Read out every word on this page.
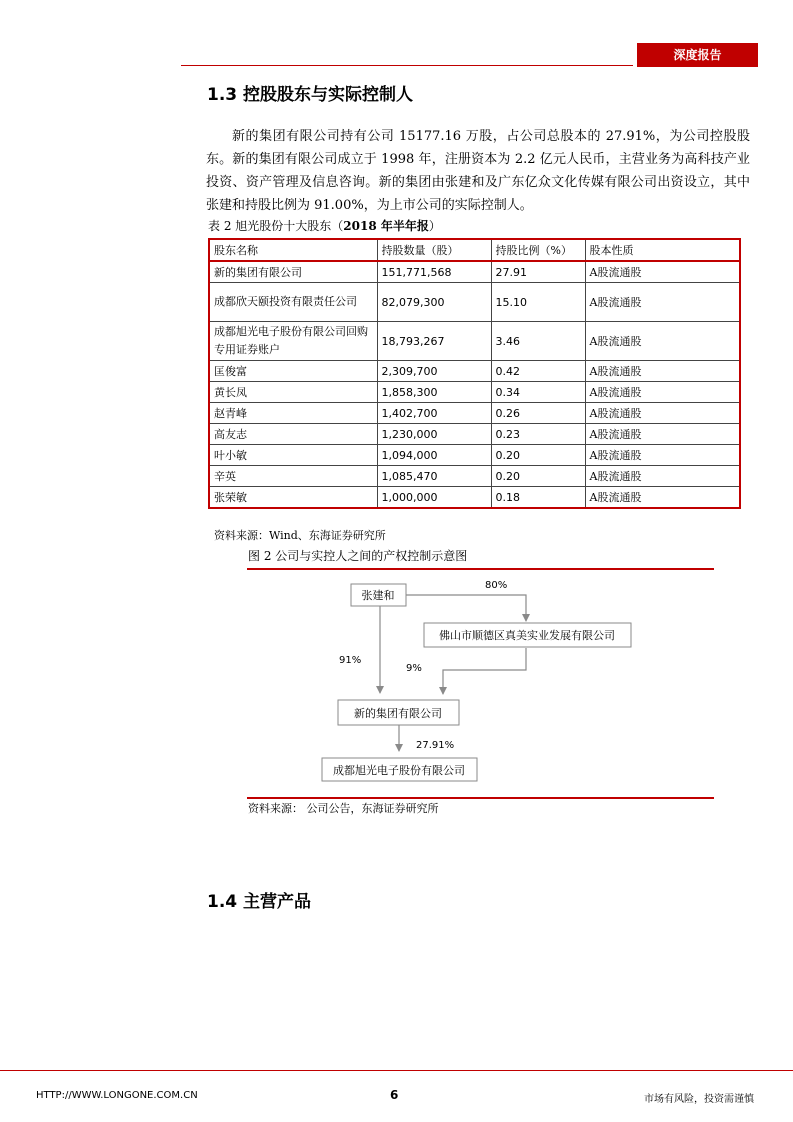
深度报告
1.3 控股股东与实际控制人

新的集团有限公司持有公司 15177.16 万股，占公司总股本的 27.91%，为公司控股股东。新的集团有限公司成立于 1998 年，注册资本为 2.2 亿元人民币，主营业务为高科技产业投资、资产管理及信息咨询。新的集团由张建和及广东亿众文化传媒有限公司出资设立，其中张建和持股比例为 91.00%，为上市公司的实际控制人。

表 2 旭光股份十大股东（2018 年半年报）
股东名称	持股数量（股）	持股比例（%）	股本性质
新的集团有限公司	151,771,568	27.91	A股流通股
成都欣天颐投资有限责任公司	82,079,300	15.10	A股流通股
成都旭光电子股份有限公司回购专用证券账户	18,793,267	3.46	A股流通股
匡俊富	2,309,700	0.42	A股流通股
黄长凤	1,858,300	0.34	A股流通股
赵青峰	1,402,700	0.26	A股流通股
高友志	1,230,000	0.23	A股流通股
叶小敏	1,094,000	0.20	A股流通股
辛英	1,085,470	0.20	A股流通股
张荣敏	1,000,000	0.18	A股流通股
资料来源：Wind、东海证券研究所
图 2 公司与实控人之间的产权控制示意图
张建和
佛山市顺德区真美实业发展有限公司
新的集团有限公司
成都旭光电子股份有限公司
80%
91%
9%
27.91%
资料来源： 公司公告，东海证券研究所
1.4 主营产品
HTTP://WWW.LONGONE.COM.CN	6	市场有风险，投资需谨慎
